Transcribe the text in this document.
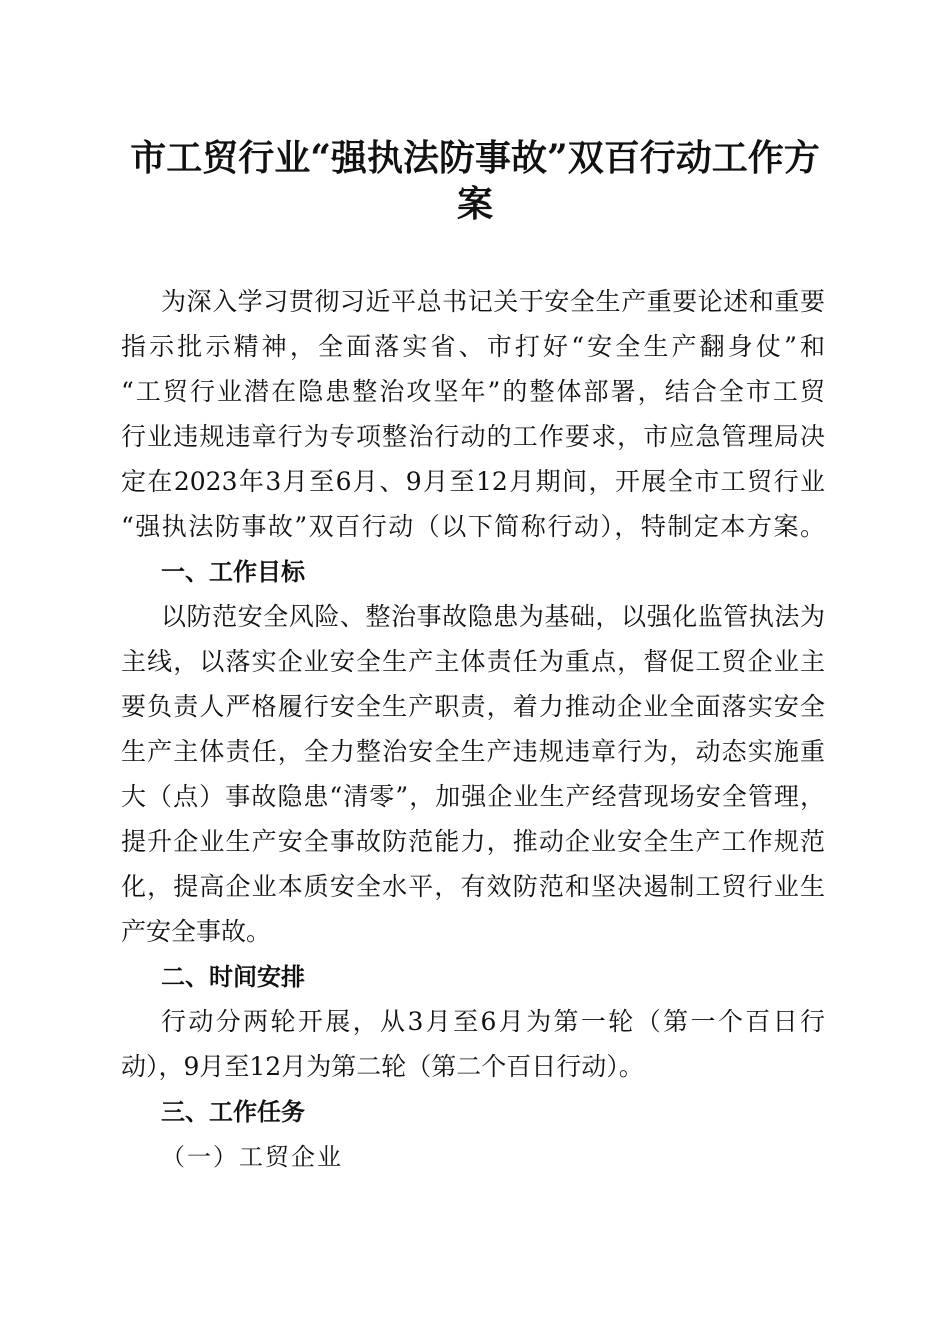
市工贸行业“强执法防事故”双百行动工作方
案
为深入学习贯彻习近平总书记关于安全生产重要论述和重要
指示批示精神，全面落实省、市打好“安全生产翻身仗”和
“工贸行业潜在隐患整治攻坚年”的整体部署，结合全市工贸
行业违规违章行为专项整治行动的工作要求，市应急管理局决
定在2023年3月至6月、9月至12月期间，开展全市工贸行业
“强执法防事故”双百行动（以下简称行动），特制定本方案。
一、工作目标
以防范安全风险、整治事故隐患为基础，以强化监管执法为
主线，以落实企业安全生产主体责任为重点，督促工贸企业主
要负责人严格履行安全生产职责，着力推动企业全面落实安全
生产主体责任，全力整治安全生产违规违章行为，动态实施重
大（点）事故隐患“清零”，加强企业生产经营现场安全管理，
提升企业生产安全事故防范能力，推动企业安全生产工作规范
化，提高企业本质安全水平，有效防范和坚决遏制工贸行业生
产安全事故。
二、时间安排
行动分两轮开展，从3月至6月为第一轮（第一个百日行
动），9月至12月为第二轮（第二个百日行动）。
三、工作任务
（一）工贸企业
